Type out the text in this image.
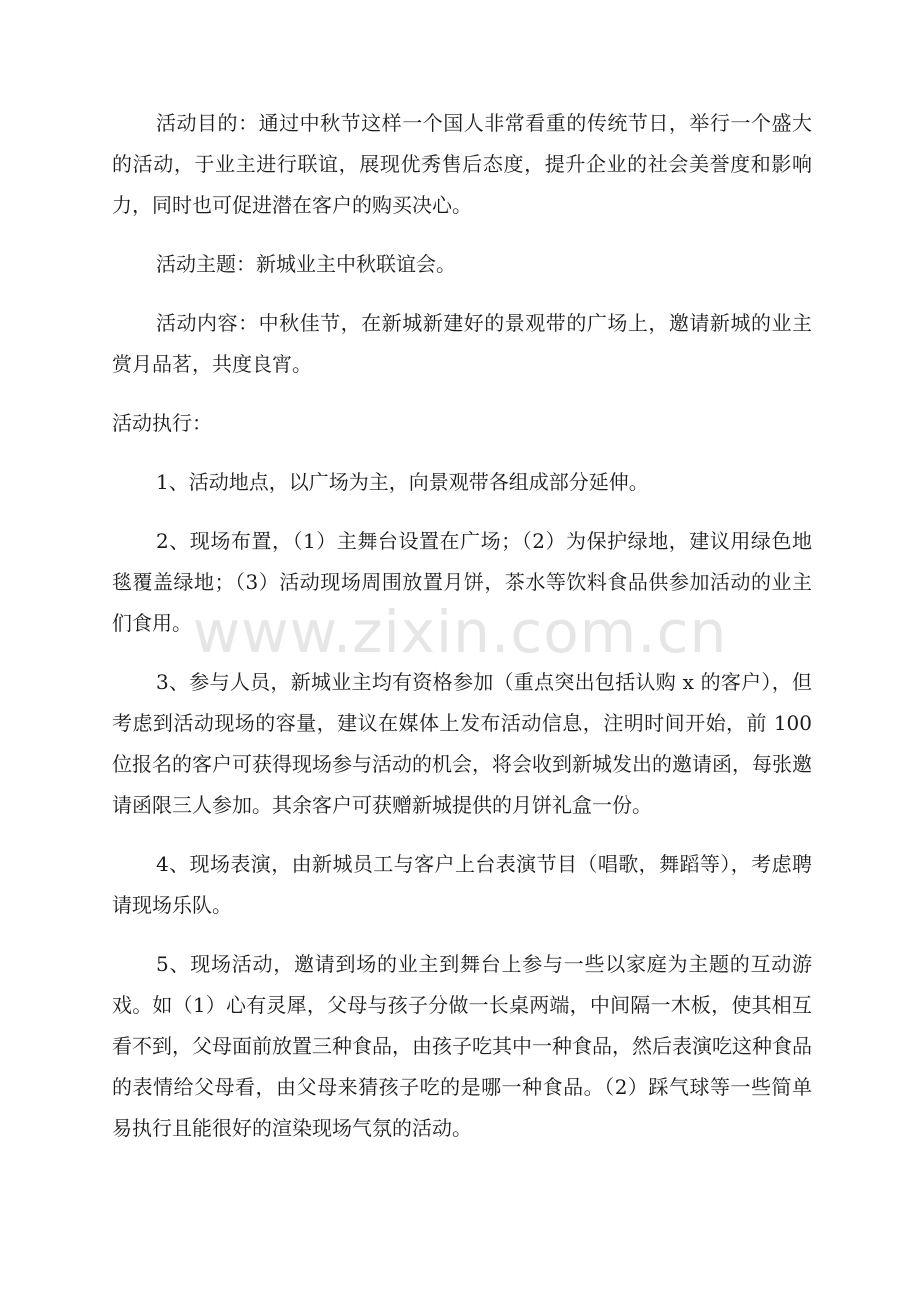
活动目的：通过中秋节这样一个国人非常看重的传统节日，举行一个盛大的活动，于业主进行联谊，展现优秀售后态度，提升企业的社会美誉度和影响力，同时也可促进潜在客户的购买决心。

活动主题：新城业主中秋联谊会。

活动内容：中秋佳节，在新城新建好的景观带的广场上，邀请新城的业主赏月品茗，共度良宵。

活动执行：

1、活动地点，以广场为主，向景观带各组成部分延伸。

2、现场布置，（1）主舞台设置在广场；（2）为保护绿地，建议用绿色地毯覆盖绿地；（3）活动现场周围放置月饼，茶水等饮料食品供参加活动的业主们食用。

3、参与人员，新城业主均有资格参加（重点突出包括认购 x 的客户），但考虑到活动现场的容量，建议在媒体上发布活动信息，注明时间开始，前 100 位报名的客户可获得现场参与活动的机会，将会收到新城发出的邀请函，每张邀请函限三人参加。其余客户可获赠新城提供的月饼礼盒一份。

4、现场表演，由新城员工与客户上台表演节目（唱歌，舞蹈等），考虑聘请现场乐队。

5、现场活动，邀请到场的业主到舞台上参与一些以家庭为主题的互动游戏。如（1）心有灵犀，父母与孩子分做一长桌两端，中间隔一木板，使其相互看不到，父母面前放置三种食品，由孩子吃其中一种食品，然后表演吃这种食品的表情给父母看，由父母来猜孩子吃的是哪一种食品。（2）踩气球等一些简单易执行且能很好的渲染现场气氛的活动。

www.zixin.com.cn
